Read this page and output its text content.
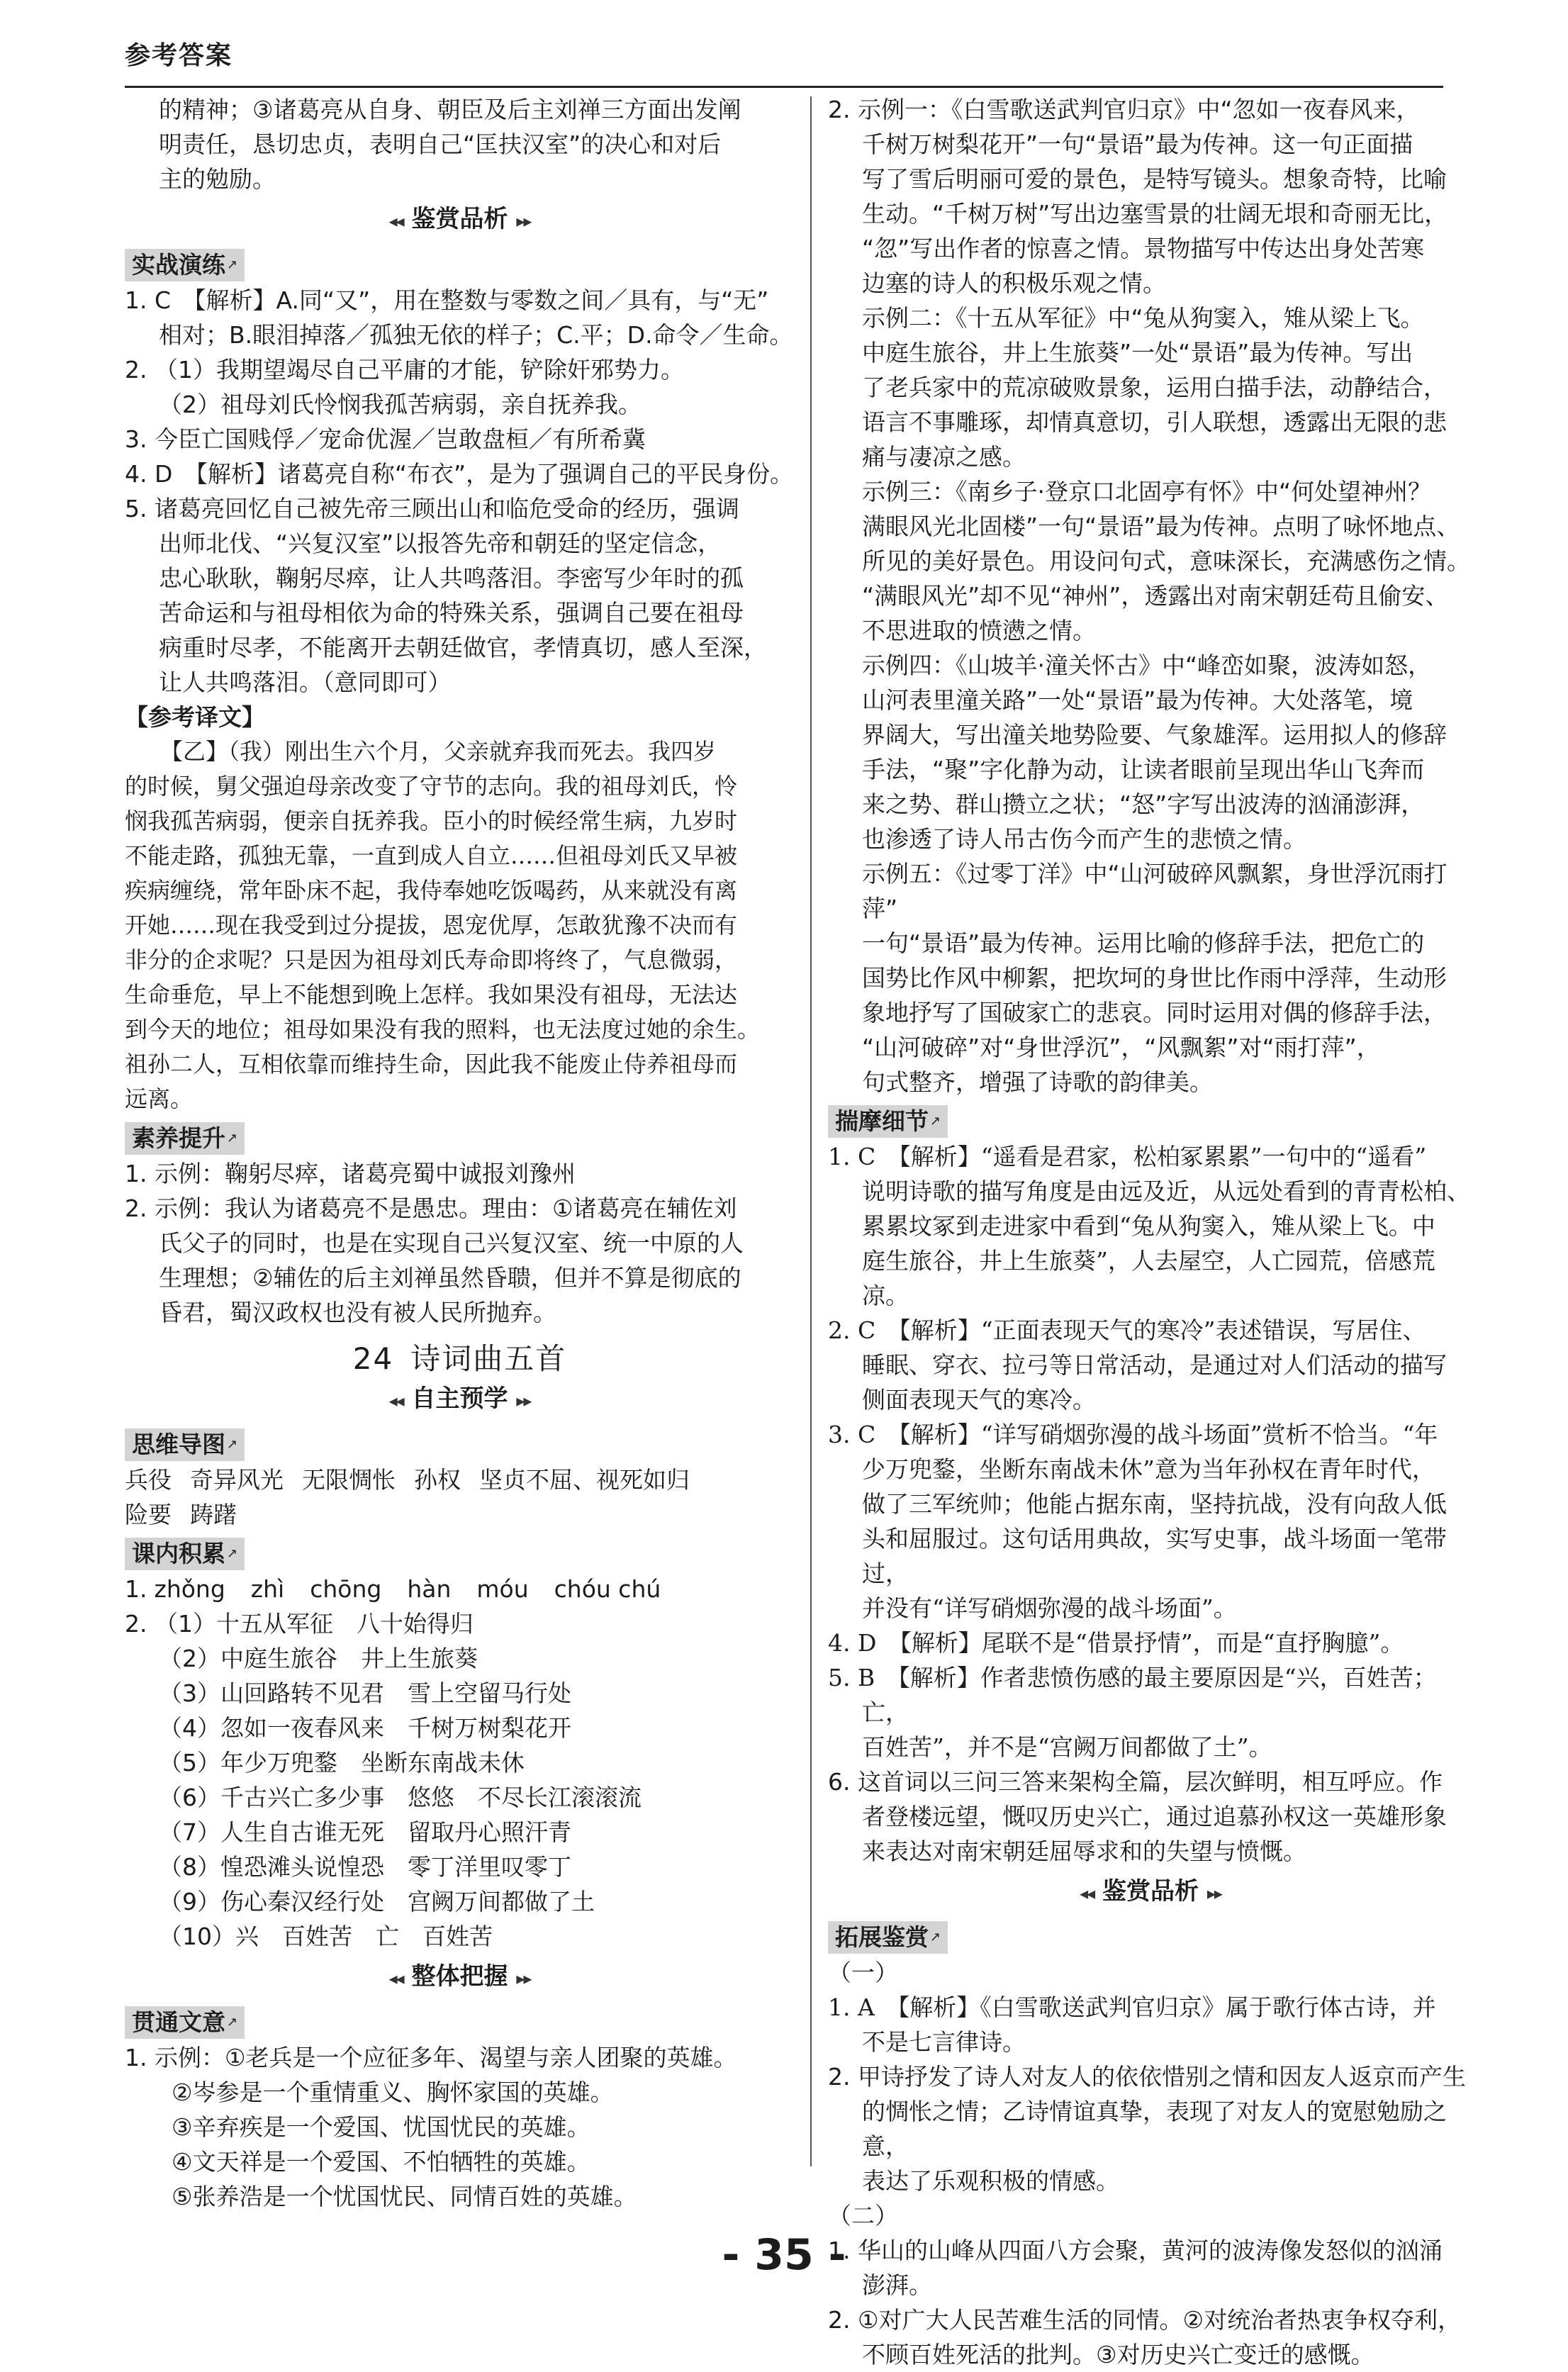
参考答案

的精神；③诸葛亮从自身、朝臣及后主刘禅三方面出发阐

明责任，恳切忠贞，表明自己“匡扶汉室”的决心和对后

主的勉励。

◂◂ 鉴赏品析 ▸▸
实战演练 ↗

1. C　【解析】A.同“又”，用在整数与零数之间／具有，与“无”

相对；B.眼泪掉落／孤独无依的样子；C.平；D.命令／生命。

2. （1）我期望竭尽自己平庸的才能，铲除奸邪势力。

（2）祖母刘氏怜悯我孤苦病弱，亲自抚养我。

3. 今臣亡国贱俘／宠命优渥／岂敢盘桓／有所希冀

4. D　【解析】诸葛亮自称“布衣”，是为了强调自己的平民身份。

5. 诸葛亮回忆自己被先帝三顾出山和临危受命的经历，强调

出师北伐、“兴复汉室”以报答先帝和朝廷的坚定信念，

忠心耿耿，鞠躬尽瘁，让人共鸣落泪。李密写少年时的孤

苦命运和与祖母相依为命的特殊关系，强调自己要在祖母

病重时尽孝，不能离开去朝廷做官，孝情真切，感人至深，

让人共鸣落泪。（意同即可）

【参考译文】

【乙】（我）刚出生六个月，父亲就弃我而死去。我四岁

的时候，舅父强迫母亲改变了守节的志向。我的祖母刘氏，怜

悯我孤苦病弱，便亲自抚养我。臣小的时候经常生病，九岁时

不能走路，孤独无靠，一直到成人自立……但祖母刘氏又早被

疾病缠绕，常年卧床不起，我侍奉她吃饭喝药，从来就没有离

开她……现在我受到过分提拔，恩宠优厚，怎敢犹豫不决而有

非分的企求呢？只是因为祖母刘氏寿命即将终了，气息微弱，

生命垂危，早上不能想到晚上怎样。我如果没有祖母，无法达

到今天的地位；祖母如果没有我的照料，也无法度过她的余生。

祖孙二人，互相依靠而维持生命，因此我不能废止侍养祖母而

远离。

素养提升 ↗

1. 示例：鞠躬尽瘁，诸葛亮蜀中诚报刘豫州

2. 示例：我认为诸葛亮不是愚忠。理由：①诸葛亮在辅佐刘

氏父子的同时，也是在实现自己兴复汉室、统一中原的人

生理想；②辅佐的后主刘禅虽然昏聩，但并不算是彻底的

昏君，蜀汉政权也没有被人民所抛弃。

24 诗词曲五首
◂◂ 自主预学 ▸▸
思维导图 ↗

兵役 奇异风光 无限惆怅 孙权 坚贞不屈、视死如归

险要 踌躇

课内积累 ↗

1. zhǒng zhì chōng hàn móu chóu chú

2. （1）十五从军征　 八十始得归

（2）中庭生旅谷　 井上生旅葵

（3）山回路转不见君　 雪上空留马行处

（4）忽如一夜春风来　 千树万树梨花开

（5）年少万兜鍪　 坐断东南战未休

（6）千古兴亡多少事　 悠悠　不尽长江滚滚流

（7）人生自古谁无死　 留取丹心照汗青

（8）惶恐滩头说惶恐　 零丁洋里叹零丁

（9）伤心秦汉经行处　 宫阙万间都做了土

（10）兴　百姓苦　亡　 百姓苦

◂◂ 整体把握 ▸▸
贯通文意 ↗

1. 示例：①老兵是一个应征多年、渴望与亲人团聚的英雄。

②岑参是一个重情重义、胸怀家国的英雄。

③辛弃疾是一个爱国、忧国忧民的英雄。

④文天祥是一个爱国、不怕牺牲的英雄。

⑤张养浩是一个忧国忧民、同情百姓的英雄。

2. 示例一：《白雪歌送武判官归京》中“忽如一夜春风来，

千树万树梨花开”一句“景语”最为传神。这一句正面描

写了雪后明丽可爱的景色，是特写镜头。想象奇特，比喻

生动。“千树万树”写出边塞雪景的壮阔无垠和奇丽无比，

“忽”写出作者的惊喜之情。景物描写中传达出身处苦寒

边塞的诗人的积极乐观之情。

示例二：《十五从军征》中“兔从狗窦入，雉从梁上飞。

中庭生旅谷，井上生旅葵”一处“景语”最为传神。写出

了老兵家中的荒凉破败景象，运用白描手法，动静结合，

语言不事雕琢，却情真意切，引人联想，透露出无限的悲

痛与凄凉之感。

示例三：《南乡子·登京口北固亭有怀》中“何处望神州？

满眼风光北固楼”一句“景语”最为传神。点明了咏怀地点、

所见的美好景色。用设问句式，意味深长，充满感伤之情。

“满眼风光”却不见“神州”，透露出对南宋朝廷苟且偷安、

不思进取的愤懑之情。

示例四：《山坡羊·潼关怀古》中“峰峦如聚，波涛如怒，

山河表里潼关路”一处“景语”最为传神。大处落笔，境

界阔大，写出潼关地势险要、气象雄浑。运用拟人的修辞

手法，“聚”字化静为动，让读者眼前呈现出华山飞奔而

来之势、群山攒立之状；“怒”字写出波涛的汹涌澎湃，

也渗透了诗人吊古伤今而产生的悲愤之情。

示例五：《过零丁洋》中“山河破碎风飘絮，身世浮沉雨打萍”

一句“景语”最为传神。运用比喻的修辞手法，把危亡的

国势比作风中柳絮，把坎坷的身世比作雨中浮萍，生动形

象地抒写了国破家亡的悲哀。同时运用对偶的修辞手法，

“山河破碎”对“身世浮沉”，“风飘絮”对“雨打萍”，

句式整齐，增强了诗歌的韵律美。

揣摩细节 ↗

1. C　【解析】“遥看是君家，松柏冢累累”一句中的“遥看”

说明诗歌的描写角度是由远及近，从远处看到的青青松柏、

累累坟冢到走进家中看到“兔从狗窦入，雉从梁上飞。中

庭生旅谷，井上生旅葵”，人去屋空，人亡园荒，倍感荒凉。

2. C　【解析】“正面表现天气的寒冷”表述错误，写居住、

睡眠、穿衣、拉弓等日常活动，是通过对人们活动的描写

侧面表现天气的寒冷。

3. C　【解析】“详写硝烟弥漫的战斗场面”赏析不恰当。“年

少万兜鍪，坐断东南战未休”意为当年孙权在青年时代，

做了三军统帅；他能占据东南，坚持抗战，没有向敌人低

头和屈服过。这句话用典故，实写史事，战斗场面一笔带过，

并没有“详写硝烟弥漫的战斗场面”。

4. D　【解析】尾联不是“借景抒情”，而是“直抒胸臆”。

5. B　【解析】作者悲愤伤感的最主要原因是“兴，百姓苦；亡，

百姓苦”，并不是“宫阙万间都做了土”。

6. 这首词以三问三答来架构全篇，层次鲜明，相互呼应。作

者登楼远望，慨叹历史兴亡，通过追慕孙权这一英雄形象

来表达对南宋朝廷屈辱求和的失望与愤慨。

◂◂ 鉴赏品析 ▸▸
拓展鉴赏 ↗

（一）

1. A　【解析】《白雪歌送武判官归京》属于歌行体古诗，并

不是七言律诗。

2. 甲诗抒发了诗人对友人的依依惜别之情和因友人返京而产生

的惆怅之情；乙诗情谊真挚，表现了对友人的宽慰勉励之意，

表达了乐观积极的情感。

（二）

1. 华山的山峰从四面八方会聚，黄河的波涛像发怒似的汹涌

澎湃。

2. ①对广大人民苦难生活的同情。②对统治者热衷争权夺利，

不顾百姓死活的批判。③对历史兴亡变迁的感慨。

- 35 -
